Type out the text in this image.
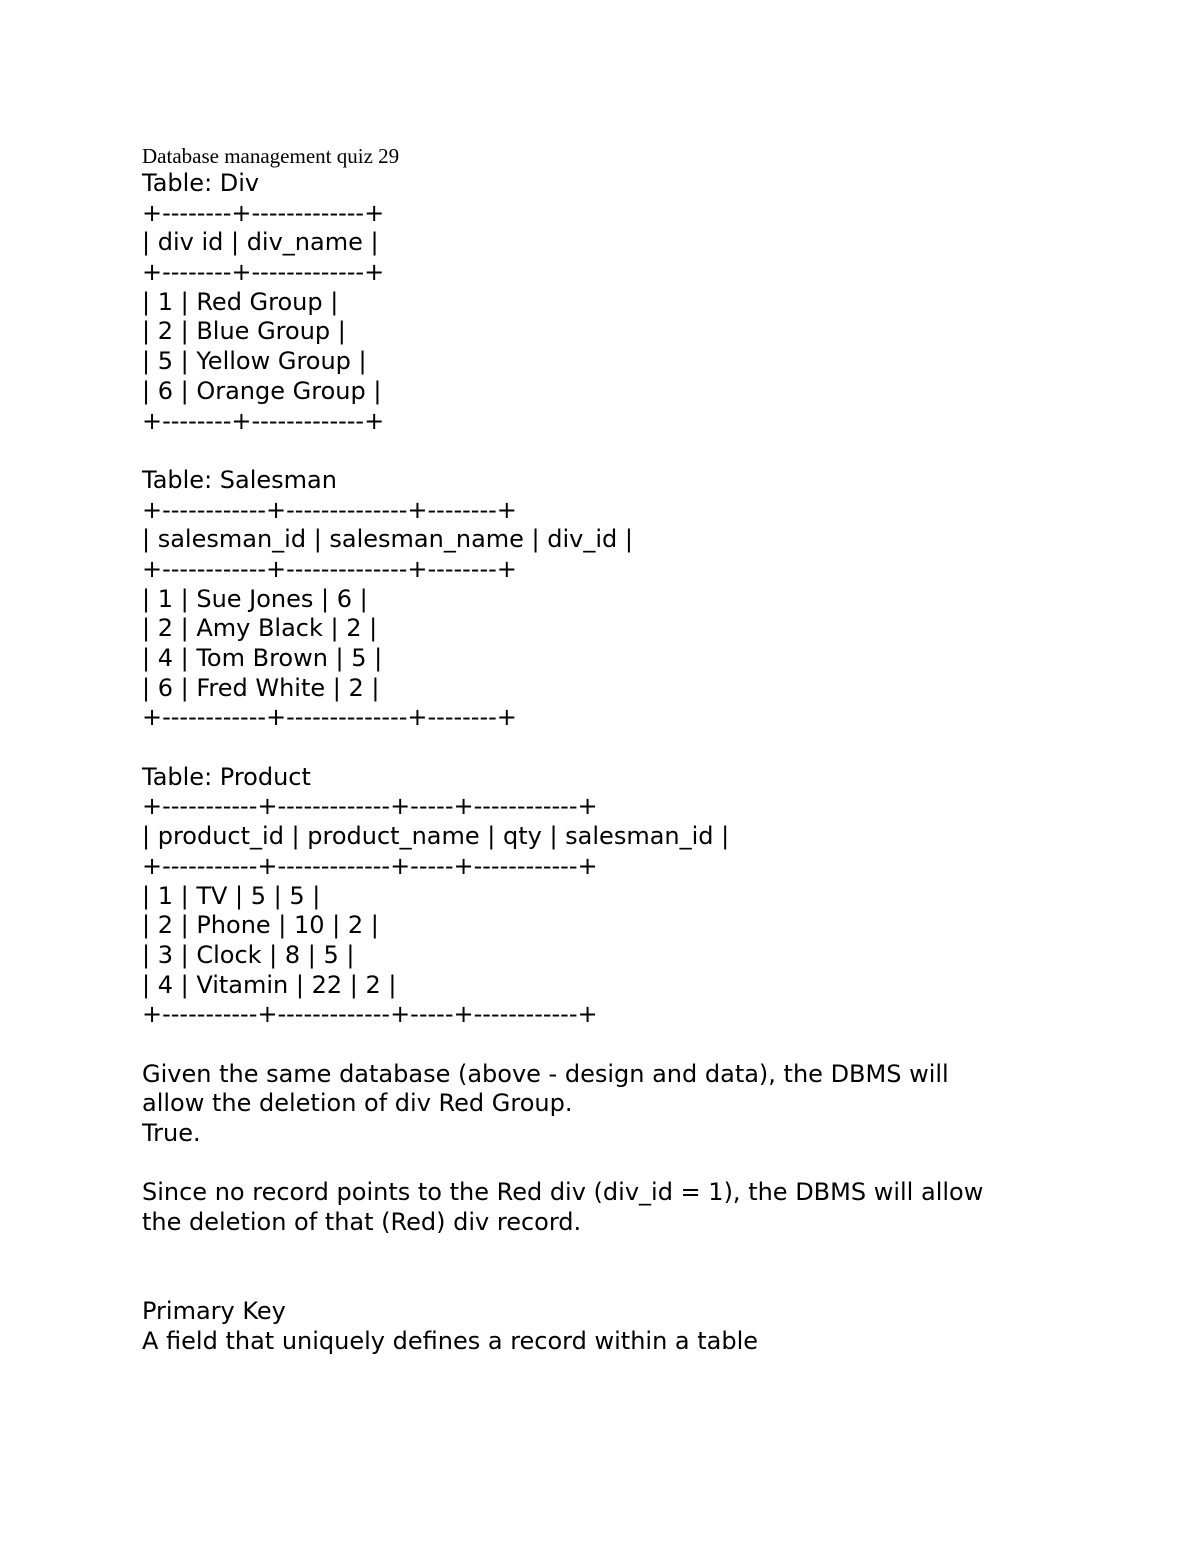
Database management quiz 29
Table: Div
+--------+-------------+
| div id | div_name |
+--------+-------------+
| 1 | Red Group |
| 2 | Blue Group |
| 5 | Yellow Group |
| 6 | Orange Group |
+--------+-------------+
Table: Salesman
+------------+--------------+--------+
| salesman_id | salesman_name | div_id |
+------------+--------------+--------+
| 1 | Sue Jones | 6 |
| 2 | Amy Black | 2 |
| 4 | Tom Brown | 5 |
| 6 | Fred White | 2 |
+------------+--------------+--------+
Table: Product
+-----------+-------------+-----+------------+
| product_id | product_name | qty | salesman_id |
+-----------+-------------+-----+------------+
| 1 | TV | 5 | 5 |
| 2 | Phone | 10 | 2 |
| 3 | Clock | 8 | 5 |
| 4 | Vitamin | 22 | 2 |
+-----------+-------------+-----+------------+
Given the same database (above - design and data), the DBMS will
allow the deletion of div Red Group.
True.
Since no record points to the Red div (div_id = 1), the DBMS will allow
the deletion of that (Red) div record.
Primary Key
A field that uniquely defines a record within a table
